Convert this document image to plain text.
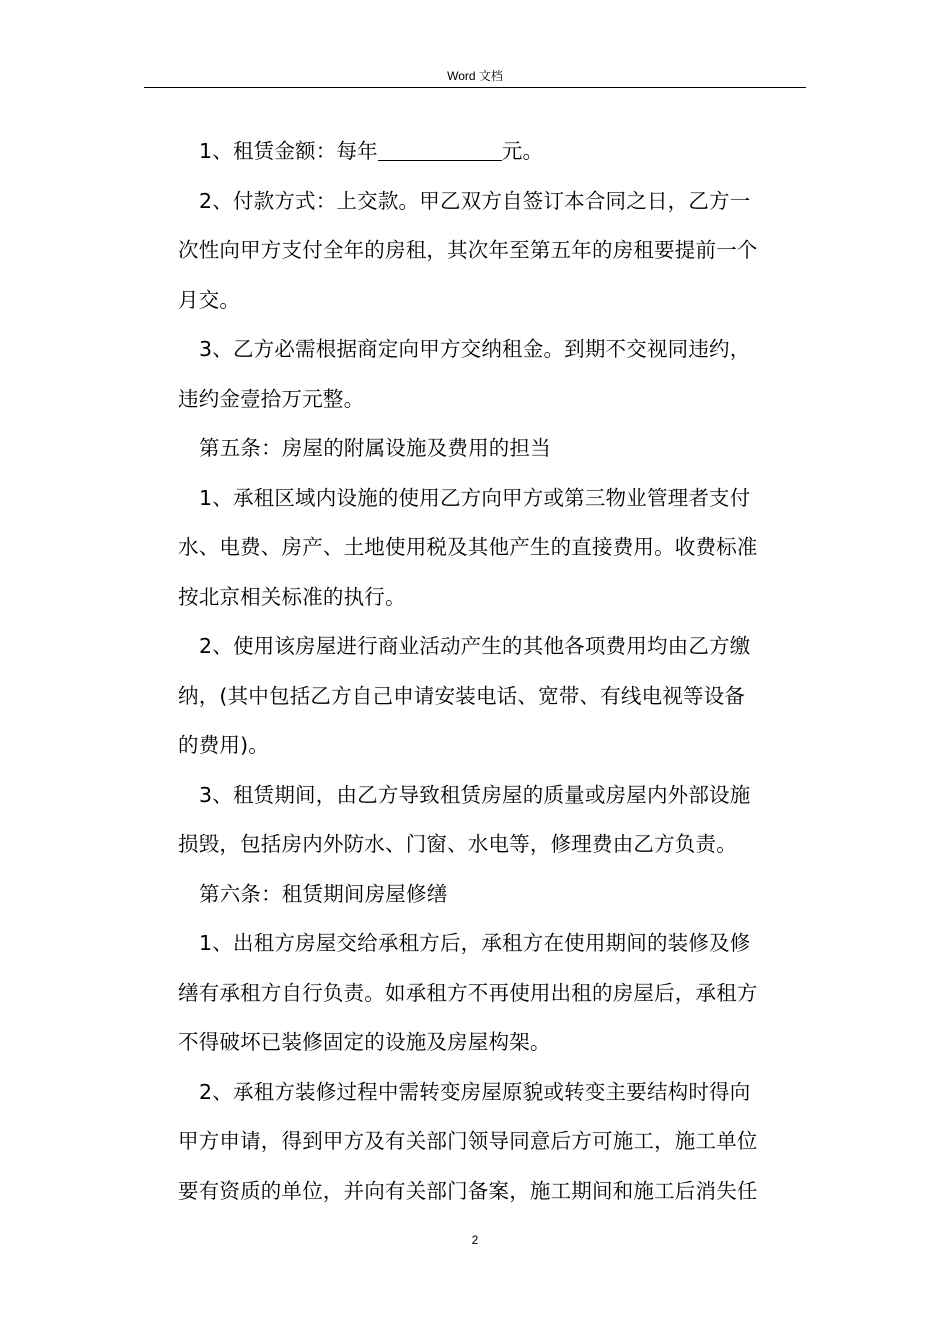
Word 文档

1、租赁金额：每年	元。

2、付款方式：上交款。甲乙双方自签订本合同之日，乙方一
次性向甲方支付全年的房租，其次年至第五年的房租要提前一个
月交。

3、乙方必需根据商定向甲方交纳租金。到期不交视同违约，
违约金壹拾万元整。

第五条：房屋的附属设施及费用的担当

1、承租区域内设施的使用乙方向甲方或第三物业管理者支付
水、电费、房产、土地使用税及其他产生的直接费用。收费标准
按北京相关标准的执行。

2、使用该房屋进行商业活动产生的其他各项费用均由乙方缴
纳，(其中包括乙方自己申请安装电话、宽带、有线电视等设备
的费用)。

3、租赁期间，由乙方导致租赁房屋的质量或房屋内外部设施
损毁，包括房内外防水、门窗、水电等，修理费由乙方负责。

第六条：租赁期间房屋修缮

1、出租方房屋交给承租方后，承租方在使用期间的装修及修
缮有承租方自行负责。如承租方不再使用出租的房屋后，承租方
不得破坏已装修固定的设施及房屋构架。

2、承租方装修过程中需转变房屋原貌或转变主要结构时得向
甲方申请，得到甲方及有关部门领导同意后方可施工，施工单位
要有资质的单位，并向有关部门备案，施工期间和施工后消失任

2
